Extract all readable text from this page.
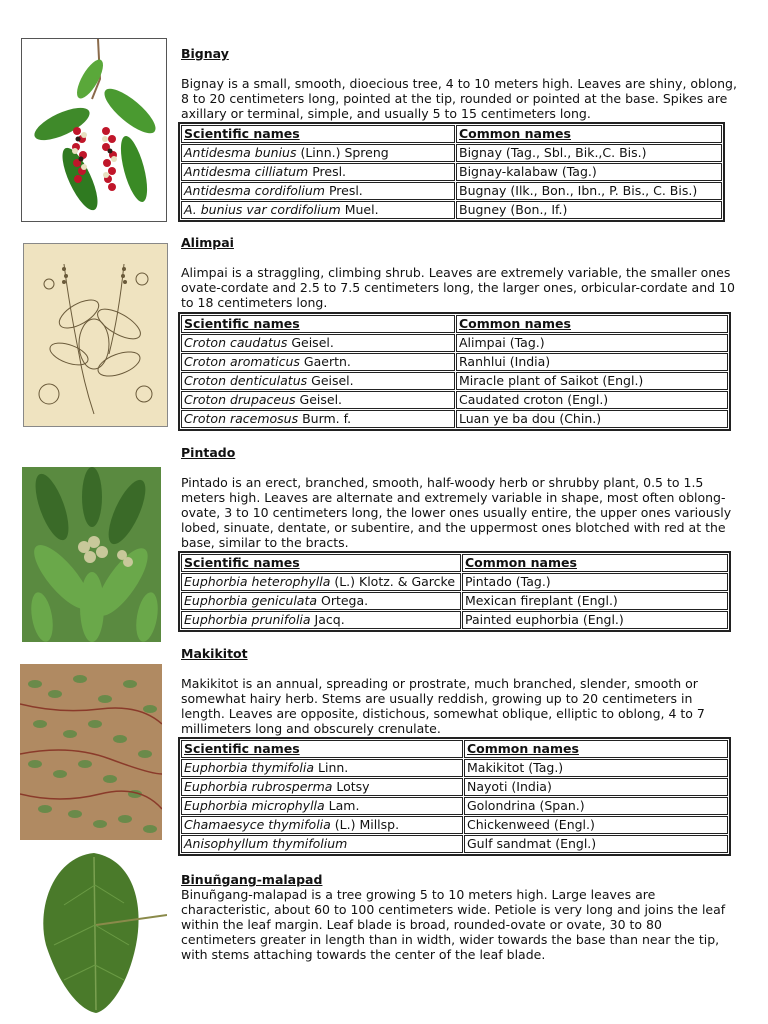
Bignay
Bignay is a small, smooth, dioecious tree, 4 to 10 meters high. Leaves are shiny, oblong, 8 to 20 centimeters long, pointed at the tip, rounded or pointed at the base. Spikes are axillary or terminal, simple, and usually 5 to 15 centimeters long.
Scientific names	Common names
Antidesma bunius (Linn.) Spreng	Bignay (Tag., Sbl., Bik.,C. Bis.)
Antidesma cilliatum Presl.	Bignay-kalabaw (Tag.)
Antidesma cordifolium Presl.	Bugnay (Ilk., Bon., Ibn., P. Bis., C. Bis.)
A. bunius var cordifolium Muel.	Bugney (Bon., If.)
Alimpai
Alimpai is a straggling, climbing shrub. Leaves are extremely variable, the smaller ones ovate-cordate and 2.5 to 7.5 centimeters long, the larger ones, orbicular-cordate and 10 to 18 centimeters long.
Scientific names	Common names
Croton caudatus Geisel.	Alimpai (Tag.)
Croton aromaticus Gaertn.	Ranhlui (India)
Croton denticulatus Geisel.	Miracle plant of Saikot (Engl.)
Croton drupaceus Geisel.	Caudated croton (Engl.)
Croton racemosus Burm. f.	Luan ye ba dou (Chin.)
Pintado
Pintado is an erect, branched, smooth, half-woody herb or shrubby plant, 0.5 to 1.5 meters high. Leaves are alternate and extremely variable in shape, most often oblong-ovate, 3 to 10 centimeters long, the lower ones usually entire, the upper ones variously lobed, sinuate, dentate, or subentire, and the uppermost ones blotched with red at the base, similar to the bracts.
Scientific names	Common names
Euphorbia heterophylla (L.) Klotz. & Garcke	Pintado (Tag.)
Euphorbia geniculata Ortega.	Mexican fireplant (Engl.)
Euphorbia prunifolia Jacq.	Painted euphorbia (Engl.)
Makikitot
Makikitot is an annual, spreading or prostrate, much branched, slender, smooth or somewhat hairy herb. Stems are usually reddish, growing up to 20 centimeters in length. Leaves are opposite, distichous, somewhat oblique, elliptic to oblong, 4 to 7 millimeters long and obscurely crenulate.
Scientific names	Common names
Euphorbia thymifolia Linn.	Makikitot (Tag.)
Euphorbia rubrosperma Lotsy	Nayoti (India)
Euphorbia microphylla Lam.	Golondrina (Span.)
Chamaesyce thymifolia (L.) Millsp.	Chickenweed (Engl.)
Anisophyllum thymifolium	Gulf sandmat (Engl.)
Binuñgang-malapad
Binuñgang-malapad is a tree growing 5 to 10 meters high. Large leaves are characteristic, about 60 to 100 centimeters wide. Petiole is very long and joins the leaf within the leaf margin. Leaf blade is broad, rounded-ovate or ovate, 30 to 80 centimeters greater in length than in width, wider towards the base than near the tip, with stems attaching towards the center of the leaf blade.
